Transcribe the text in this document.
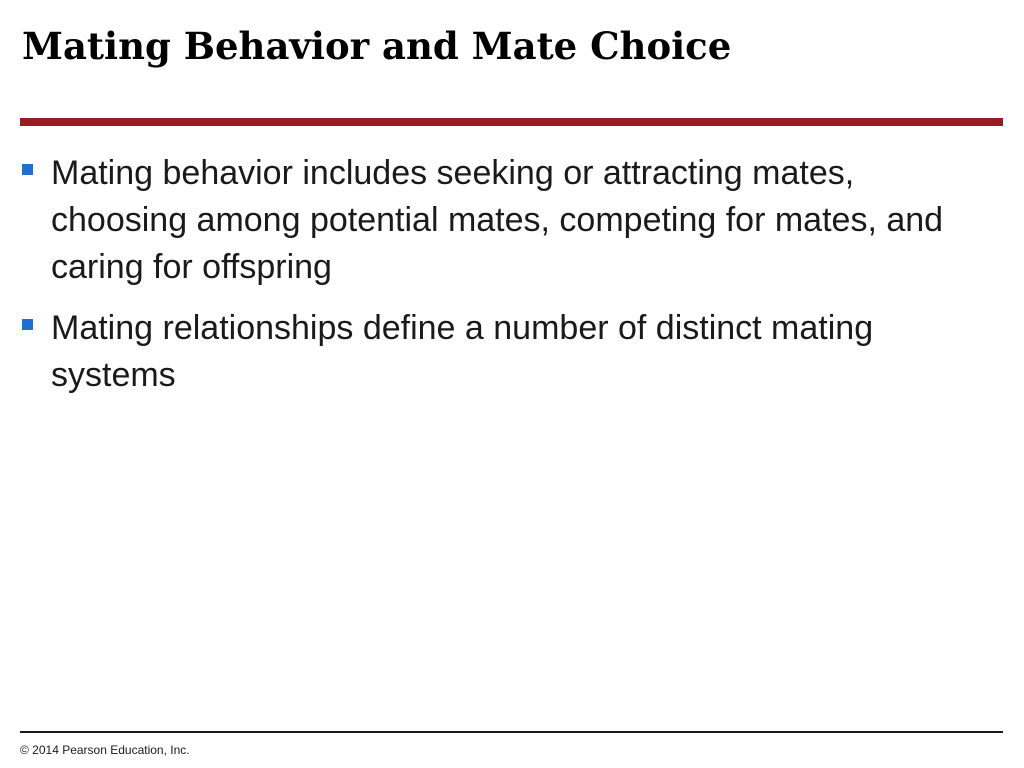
Mating Behavior and Mate Choice
Mating behavior includes seeking or attracting mates, choosing among potential mates, competing for mates, and caring for offspring
Mating relationships define a number of distinct mating systems
© 2014 Pearson Education, Inc.
